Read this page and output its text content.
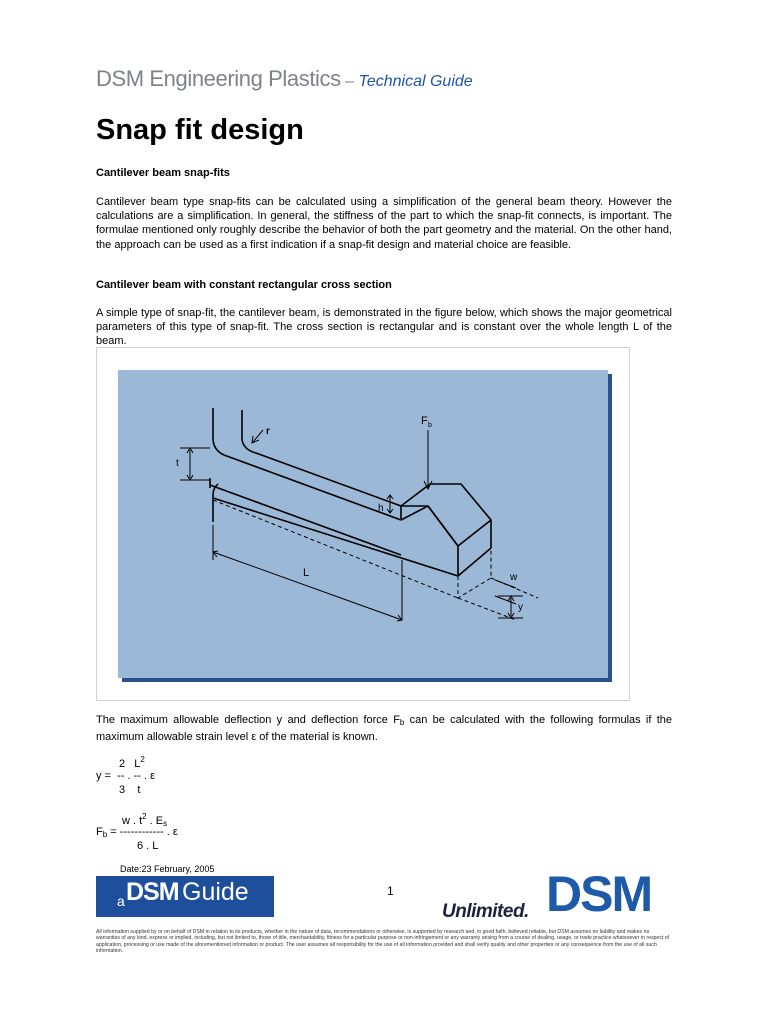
DSM Engineering Plastics – Technical Guide
Snap fit design
Cantilever beam snap-fits

Cantilever beam type snap-fits can be calculated using a simplification of the general beam theory. However the calculations are a simplification. In general, the stiffness of the part to which the snap-fit connects, is important. The formulae mentioned only roughly describe the behavior of both the part geometry and the material. On the other hand, the approach can be used as a first indication if a snap-fit design and material choice are feasible.

Cantilever beam with constant rectangular cross section

A simple type of snap-fit, the cantilever beam, is demonstrated in the figure below, which shows the major geometrical parameters of this type of snap-fit. The cross section is rectangular and is constant over the whole length L of the beam.

r
t
h
L
F b
w
y

The maximum allowable deflection y and deflection force $F_b$ can be calculated with the following formulas if the maximum allowable strain level ε of the material is known.

2 $L^2$
y = -- . -- . ε
3 t
w . $t^2$ . $E_s$
$F_b$ = ------------ . ε
6 . L
Date:23 February, 2005
a DSM Guide	1
Unlimited. DSM

All information supplied by or on behalf of DSM in relation to its products, whether in the nature of data, recommendations or otherwise, is supported by research and, in good faith, believed reliable, but DSM assumes no liability and makes no warranties of any kind, express or implied, including, but not limited to, those of title, merchantability, fitness for a particular purpose or non-infringement or any warranty arising from a course of dealing, usage, or trade practice whatsoever in respect of application, processing or use made of the aforementioned information or product. The user assumes all responsibility for the use of all information provided and shall verify quality and other properties or any consequence from the use of all such information.
